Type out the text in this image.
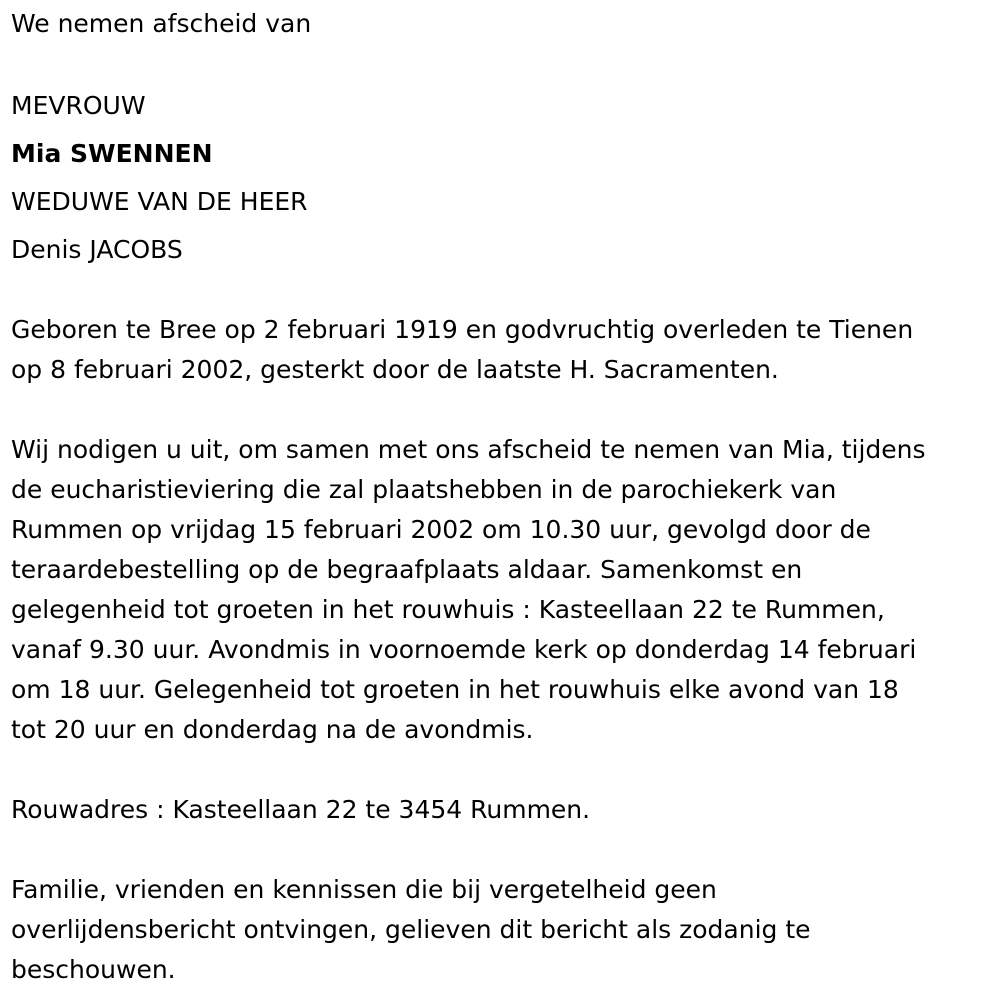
We nemen afscheid van
MEVROUW
Mia SWENNEN
WEDUWE VAN DE HEER
Denis JACOBS
Geboren te Bree op 2 februari 1919 en godvruchtig overleden te Tienen
op 8 februari 2002, gesterkt door de laatste H. Sacramenten.
Wij nodigen u uit, om samen met ons afscheid te nemen van Mia, tijdens
de eucharistieviering die zal plaatshebben in de parochiekerk van
Rummen op vrijdag 15 februari 2002 om 10.30 uur, gevolgd door de
teraardebestelling op de begraafplaats aldaar. Samenkomst en
gelegenheid tot groeten in het rouwhuis : Kasteellaan 22 te Rummen,
vanaf 9.30 uur. Avondmis in voornoemde kerk op donderdag 14 februari
om 18 uur. Gelegenheid tot groeten in het rouwhuis elke avond van 18
tot 20 uur en donderdag na de avondmis.
Rouwadres : Kasteellaan 22 te 3454 Rummen.
Familie, vrienden en kennissen die bij vergetelheid geen
overlijdensbericht ontvingen, gelieven dit bericht als zodanig te
beschouwen.
